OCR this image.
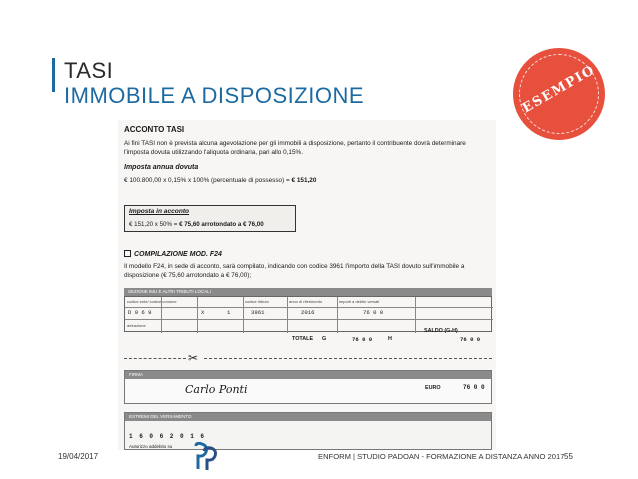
TASI
IMMOBILE A DISPOSIZIONE	ESEMPIO
ACCONTO TASI
Ai fini TASI non è prevista alcuna agevolazione per gli immobili a disposizione, pertanto il contribuente dovrà determinare l'imposta dovuta utilizzando l'aliquota ordinaria, pari allo 0,15%.
Imposta annua dovuta
€ 100.800,00 x 0,15% x 100% (percentuale di possesso) = € 151,20
Imposta in acconto
€ 151,20 x 50% = € 75,60 arrotondato a € 76,00
COMPILAZIONE MOD. F24
Il modello F24, in sede di acconto, sarà compilato, indicando con codice 3961 l'importo della TASI dovuto sull'immobile a disposizione (€ 75,60 arrotondato a € 76,00);
SEZIONE IMU E ALTRI TRIBUTI LOCALI
codice ente/ codice comune	codice tributo	anno di riferimento	importi a debito versati
D 9 6 9	X	1	3961	2016	76 0 0
detrazione
TOTALE G	76 0 0	H
SALDO (G-H)
76 0 0
✂
FIRMA
Carlo Ponti	EURO	76 0 0
ESTREMI DEL VERSAMENTO
1 6 0 6 2 0 1 6
Autorizzo addebito su
19/04/2017	ENFORM | STUDIO PADOAN - FORMAZIONE A DISTANZA ANNO 2017 55
